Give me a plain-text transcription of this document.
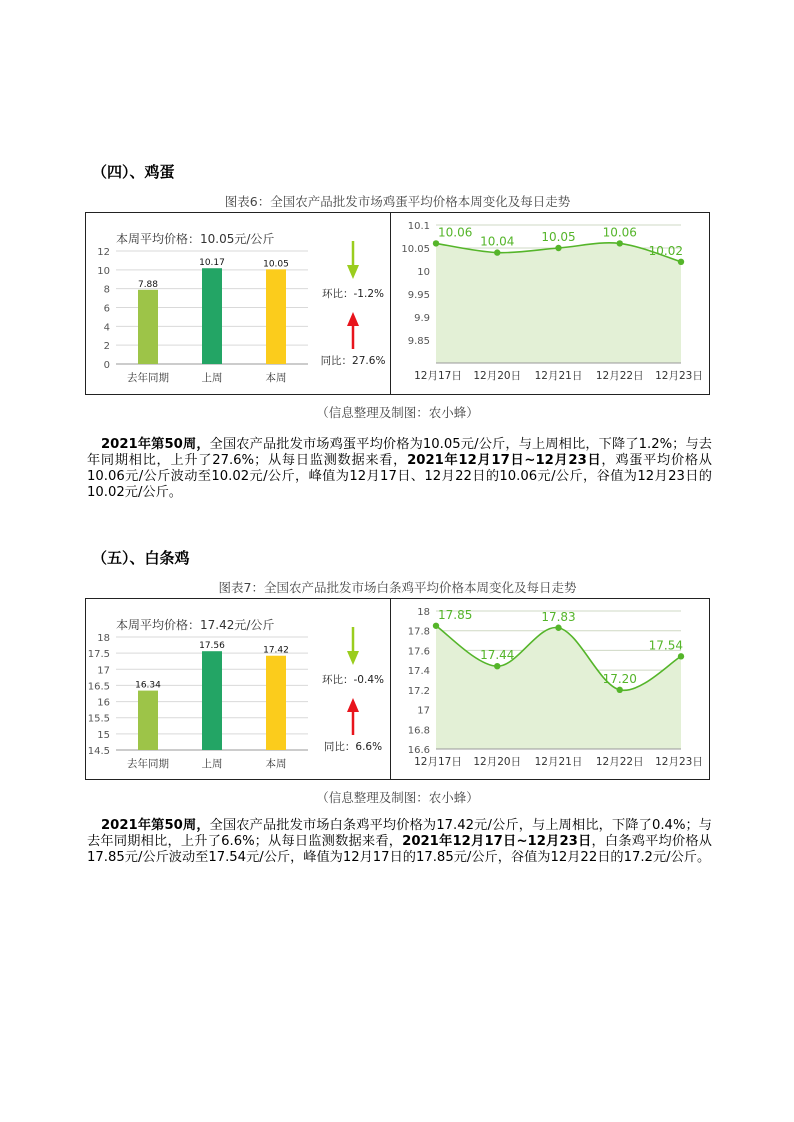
（四）、鸡蛋
图表6：全国农产品批发市场鸡蛋平均价格本周变化及每日走势
本周平均价格：10.05元/公斤
0
2
4
6
8
10
12
7.88
去年同期
10.17
上周
10.05
本周
环比：-1.2%
同比：27.6%
9.85
9.9
9.95
10
10.05
10.1 10.06
12月17日
10.04
12月20日
10.05
12月21日
10.06
12月22日
10.02
12月23日
（信息整理及制图：农小蜂）
2021年第50周，全国农产品批发市场鸡蛋平均价格为10.05元/公斤，与上周相比，下降了1.2%；与去年同期相比，上升了27.6%；从每日监测数据来看，2021年12月17日~12月23日，鸡蛋平均价格从10.06元/公斤波动至10.02元/公斤，峰值为12月17日、12月22日的10.06元/公斤，谷值为12月23日的10.02元/公斤。
（五）、白条鸡
图表7：全国农产品批发市场白条鸡平均价格本周变化及每日走势
本周平均价格：17.42元/公斤
14.5
15
15.5
16
16.5
17
17.5
18
16.34
去年同期
17.56
上周
17.42
本周
环比：-0.4%
同比：6.6%	16.6
16.8
17
17.2
17.4
17.6
17.8
18 17.85
12月17日
17.44
12月20日
17.83
12月21日
17.20
12月22日
17.54
12月23日
（信息整理及制图：农小蜂）
2021年第50周，全国农产品批发市场白条鸡平均价格为17.42元/公斤，与上周相比，下降了0.4%；与去年同期相比，上升了6.6%；从每日监测数据来看，2021年12月17日~12月23日，白条鸡平均价格从17.85元/公斤波动至17.54元/公斤，峰值为12月17日的17.85元/公斤，谷值为12月22日的17.2元/公斤。
